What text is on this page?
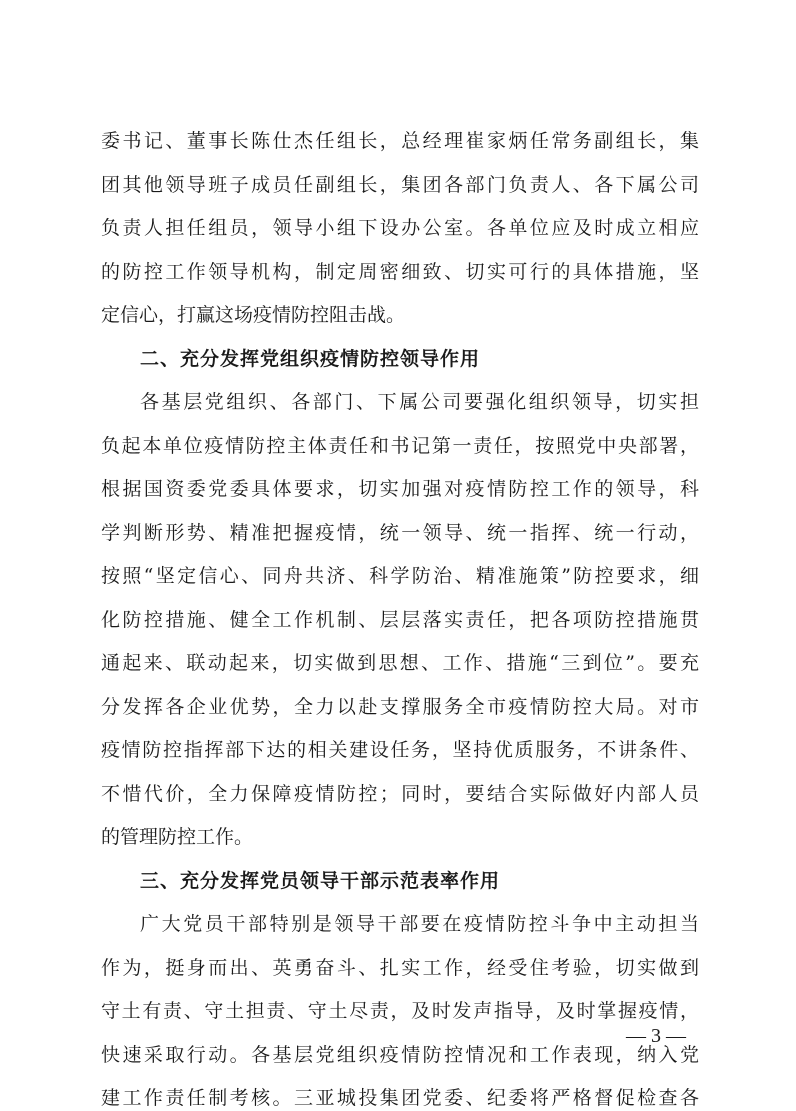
委书记、董事长陈仕杰任组长，总经理崔家炳任常务副组长，集
团其他领导班子成员任副组长，集团各部门负责人、各下属公司
负责人担任组员，领导小组下设办公室。各单位应及时成立相应
的防控工作领导机构，制定周密细致、切实可行的具体措施，坚
定信心，打赢这场疫情防控阻击战。
二、充分发挥党组织疫情防控领导作用
各基层党组织、各部门、下属公司要强化组织领导，切实担
负起本单位疫情防控主体责任和书记第一责任，按照党中央部署，
根据国资委党委具体要求，切实加强对疫情防控工作的领导，科
学判断形势、精准把握疫情，统一领导、统一指挥、统一行动，
按照“坚定信心、同舟共济、科学防治、精准施策”防控要求，细
化防控措施、健全工作机制、层层落实责任，把各项防控措施贯
通起来、联动起来，切实做到思想、工作、措施“三到位”。要充
分发挥各企业优势，全力以赴支撑服务全市疫情防控大局。对市
疫情防控指挥部下达的相关建设任务，坚持优质服务，不讲条件、
不惜代价，全力保障疫情防控；同时，要结合实际做好内部人员
的管理防控工作。
三、充分发挥党员领导干部示范表率作用
广大党员干部特别是领导干部要在疫情防控斗争中主动担当
作为，挺身而出、英勇奋斗、扎实工作，经受住考验，切实做到
守土有责、守土担责、守土尽责，及时发声指导，及时掌握疫情，
快速采取行动。各基层党组织疫情防控情况和工作表现，纳入党
建工作责任制考核。三亚城投集团党委、纪委将严格督促检查各
— 3 —
